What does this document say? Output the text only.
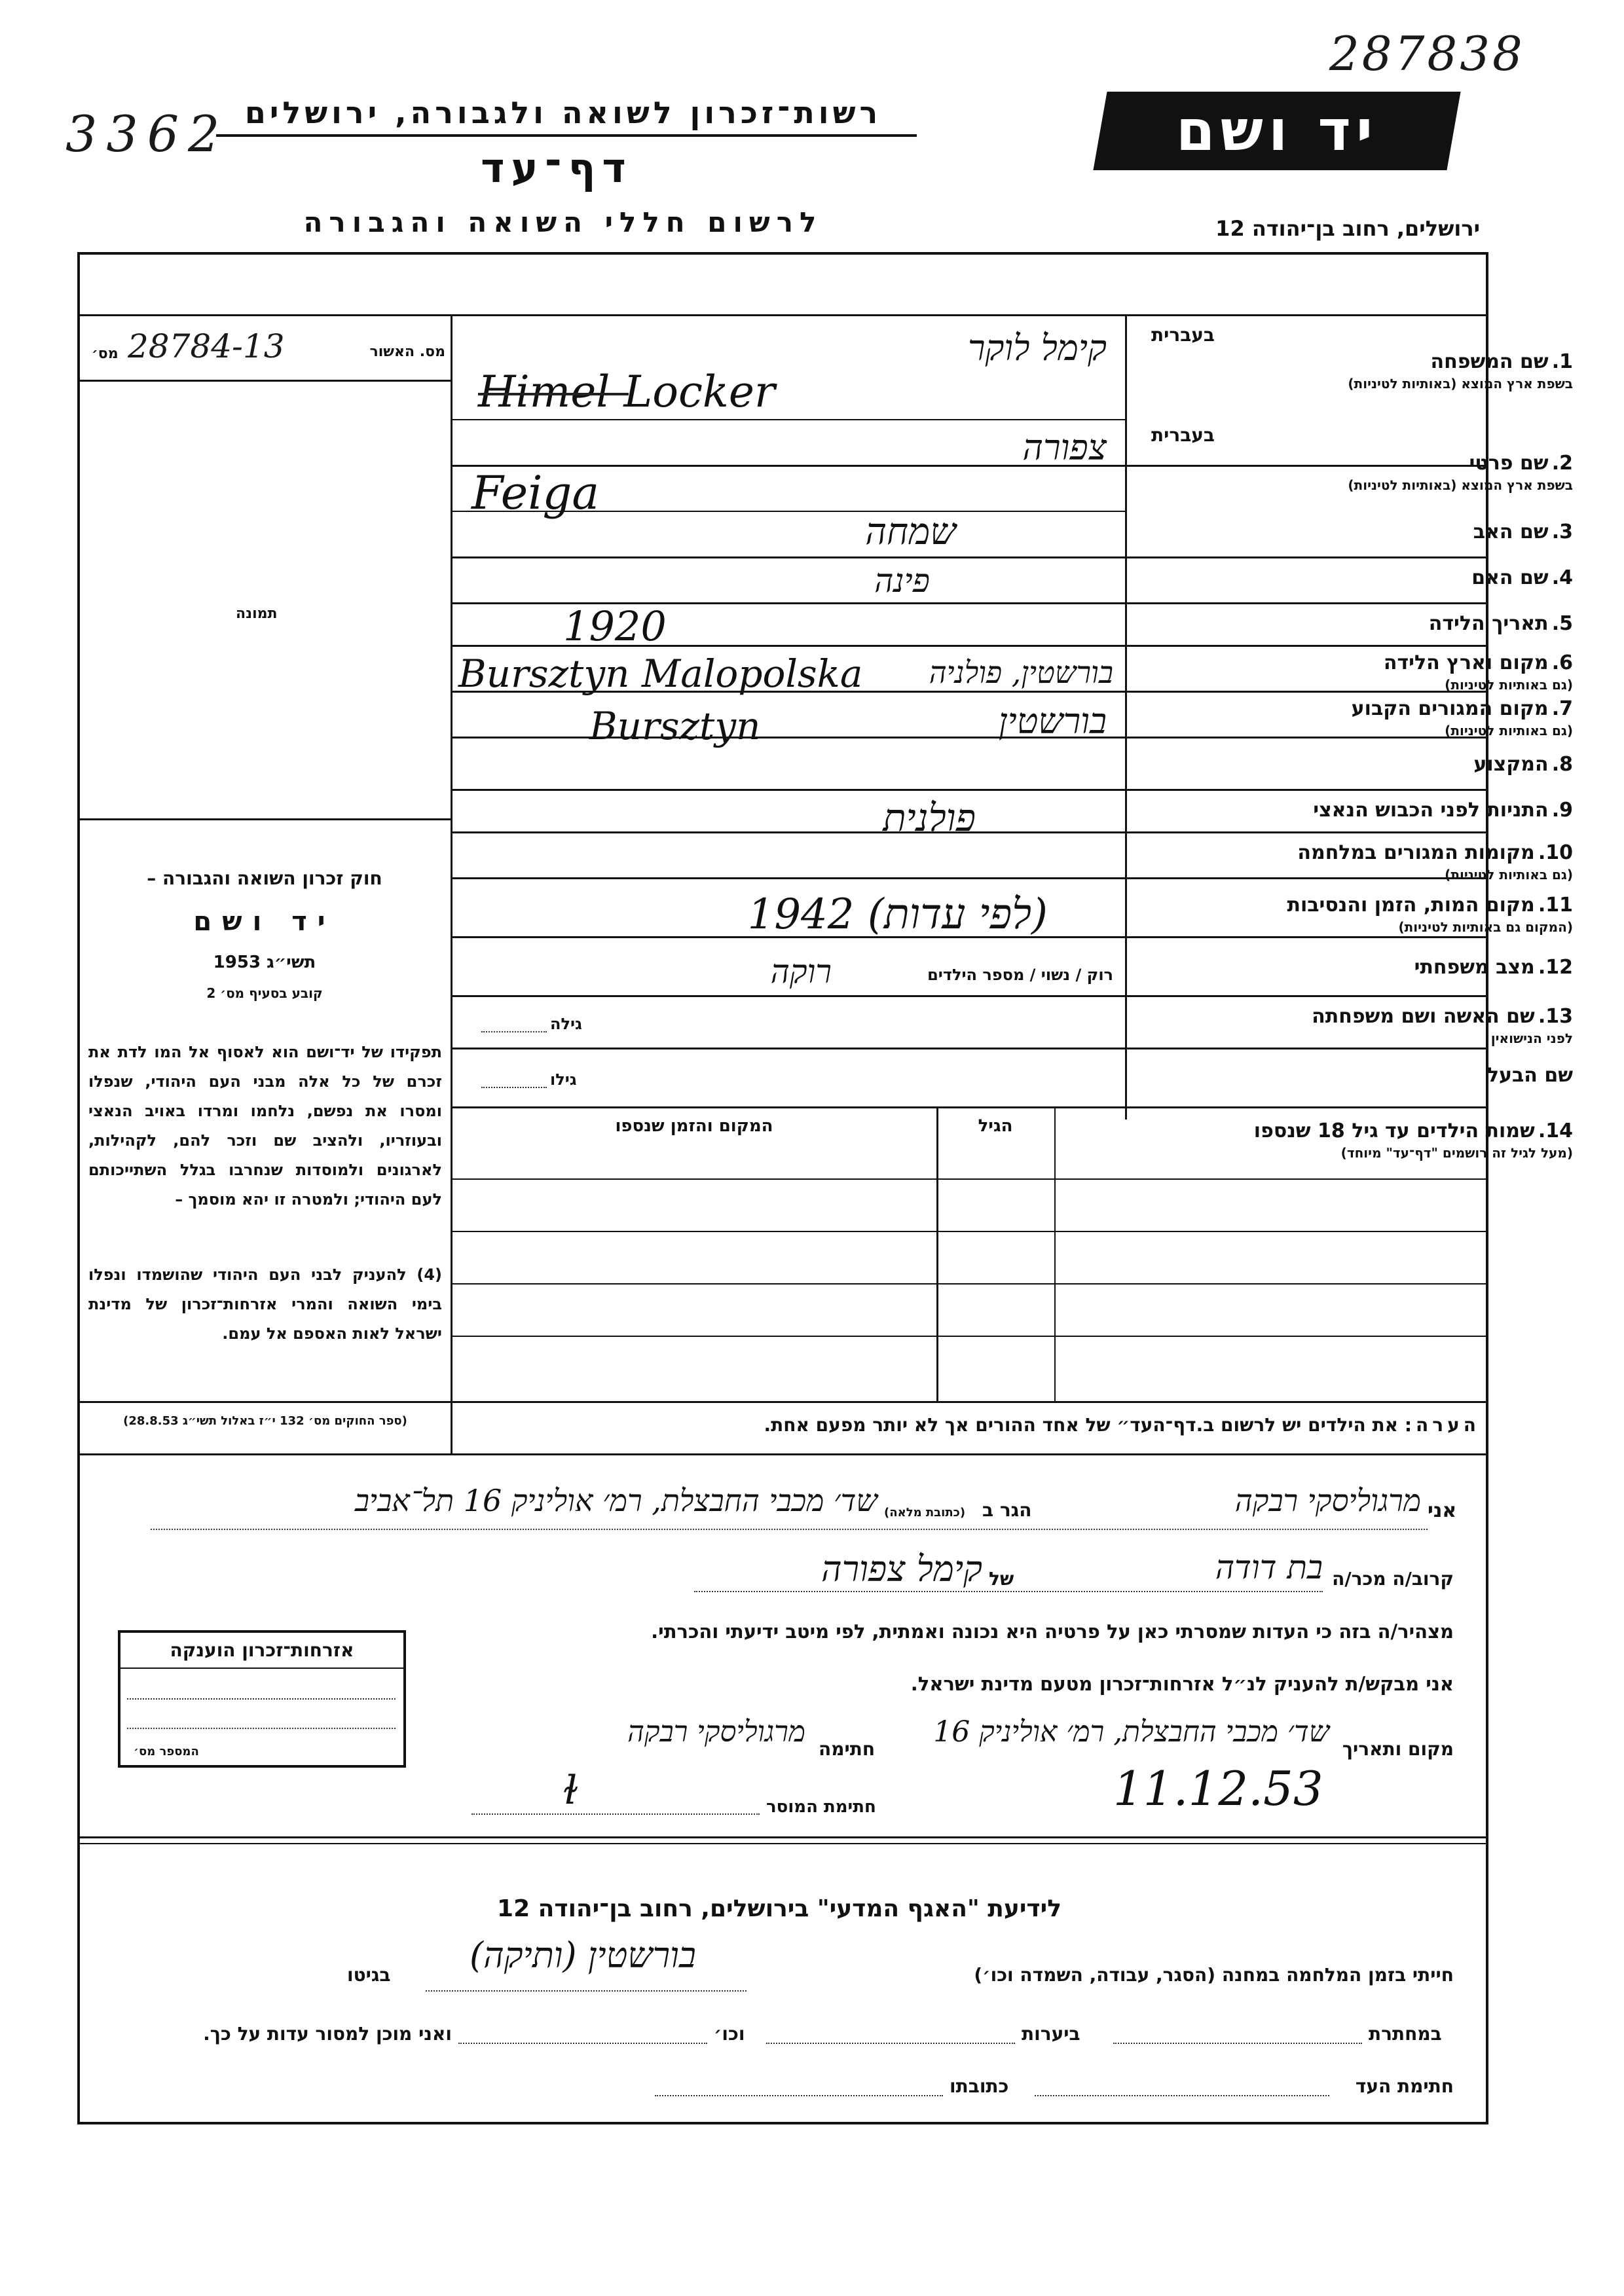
287838
3362 רשות־זכרון לשואה ולגבורה, ירושלים
דף־עד
לרשום חללי השואה והגבורה
יד ושם
ירושלים, רחוב בן־יהודה 12
מס. האשור
28784-13
מס׳
תמונה
בעברית
1. שם המשפחה
בשפת ארץ המוצא (באותיות לטיניות)
קימל לוקר
Himel Locker
בעברית
2. שם פרטי
בשפת ארץ המוצא (באותיות לטיניות)
צפורה
Feiga
3. שם האב
שמחה
4. שם האם
פינה
5. תאריך הלידה
1920
6. מקום וארץ הלידה
(גם באותיות לטיניות)
Bursztyn Malopolska	בורשטין, פולניה
7. מקום המגורים הקבוע
(גם באותיות לטיניות)
Bursztyn	בורשטין
8. המקצוע
9. התניות לפני הכבוש הנאצי
פולנית
10. מקומות המגורים במלחמה
(גם באותיות לטיניות)
11. מקום המות, הזמן והנסיבות
(המקום גם באותיות לטיניות)
(לפי עדות) 1942
12. מצב משפחתי
רוק / נשוי / מספר הילדים
רוקה
13. שם האשה ושם משפחתה
לפני הנישואין
גילה
שם הבעל
גילו
14. שמות הילדים עד גיל 18 שנספו
(מעל לגיל זה רושמים "דף־עד" מיוחד)
הגיל
המקום והזמן שנספו
חוק זכרון השואה והגבורה –
יד ושם
תשי״ג 1953
קובע בסעיף מס׳ 2
תפקידו של יד־ושם הוא לאסוף אל המו לדת את זכרם של כל אלה מבני העם היהודי, שנפלו ומסרו את נפשם, נלחמו ומרדו באויב הנאצי ובעוזריו, ולהציב שם וזכר להם, לקהילות, לארגונים ולמוסדות שנחרבו בגלל השתייכותם לעם היהודי; ולמטרה זו יהא מוסמך –
(4) להעניק לבני העם היהודי שהושמדו ונפלו בימי השואה והמרי אזרחות־זכרון של מדינת ישראל לאות האספם אל עמם.
(ספר החוקים מס׳ 132 י״ז באלול תשי״ג 28.8.53)	הערה: את הילדים יש לרשום ב.דף־העד״ של אחד ההורים אך לא יותר מפעם אחת.
אני
מרגוליסקי רבקה
הגר ב
(כתובת מלאה)
שד׳ מכבי החבצלת, רמ׳ אוליניק 16 תל־אביב
קרוב/ה מכר/ה
בת דודה
של
קימל צפורה
מצהיר/ה בזה כי העדות שמסרתי כאן על פרטיה היא נכונה ואמתית, לפי מיטב ידיעתי והכרתי.
אני מבקש/ת להעניק לנ״ל אזרחות־זכרון מטעם מדינת ישראל.
מקום ותאריך
שד׳ מכבי החבצלת, רמ׳ אוליניק 16
חתימה
מרגוליסקי רבקה
11.12.53
חתימת המוסר
ɫ
אזרחות־זכרון הוענקה
המספר מס׳
לידיעת "האגף המדעי" בירושלים, רחוב בן־יהודה 12
חייתי בזמן המלחמה במחנה (הסגר, עבודה, השמדה וכו׳)
בורשטין (ותיקה)
בגיטו
במחתרת
ביערות
וכו׳
ואני מוכן למסור עדות על כך.
חתימת העד
כתובתו
